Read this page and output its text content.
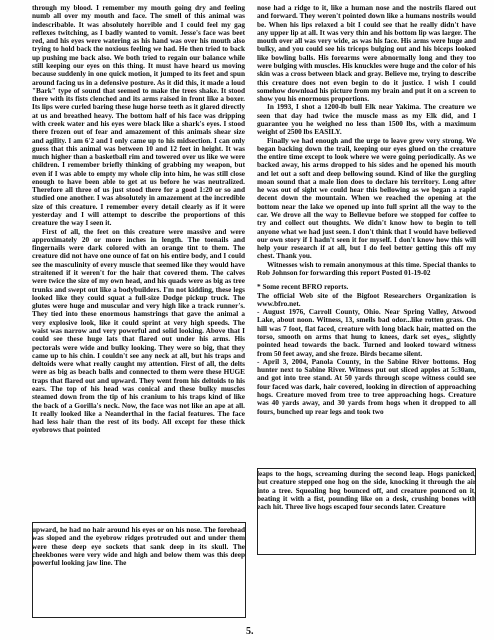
through my blood. I remember my mouth going dry and feeling numb all over my mouth and face. The smell of this animal was indescribable. It was absolutely horrible and I could feel my gag reflexes twitching, as I badly wanted to vomit. Jesse's face was beet red, and his eyes were watering as his hand was over his mouth also trying to hold back the noxious feeling we had. He then tried to back up pushing me back also. We both tried to regain our balance while still keeping our eyes on this thing. It must have heard us moving because suddenly in one quick motion, it jumped to its feet and spun around facing us in a defensive posture. As it did this, it made a loud "Bark" type of sound that seemed to make the trees shake. It stood there with its fists clenched and its arms raised in front like a boxer. Its lips were curled baring these huge horse teeth as it glared directly at us and breathed heavy. The bottom half of his face was dripping with creek water and his eyes were black like a shark's eyes. I stood there frozen out of fear and amazement of this animals shear size and agility. I am 6'2 and I only came up to his midsection. I can only guess that this animal was between 10 and 12 feet in height. It was much higher than a basketball rim and towered over us like we were children. I remember briefly thinking of grabbing my weapon, but even if I was able to empty my whole clip into him, he was still close enough to have been able to get at us before he was neutralized. Therefore all three of us just stood there for a good 1:20 or so and studied one another. I was absolutely in amazement at the incredible size of this creature. I remember every detail clearly as if it were yesterday and I will attempt to describe the proportions of this creature the way I seen it.

First of all, the feet on this creature were massive and were approximately 20 or more inches in length. The toenails and fingernails were dark colored with an orange tint to them. The creature did not have one ounce of fat on his entire body, and I could see the masculinity of every muscle that seemed like they would have straitened if it weren't for the hair that covered them. The calves were twice the size of my own head, and his quads were as big as tree trunks and swept out like a bodybuilders. I'm not kidding, these legs looked like they could squat a full-size Dodge pickup truck. The glutes were huge and muscular and very high like a track runner's. They tied into these enormous hamstrings that gave the animal a very explosive look, like it could sprint at very high speeds. The waist was narrow and very powerful and solid looking. Above that I could see these huge lats that flared out under his arms. His pectorals were wide and bulky looking. They were so big, that they came up to his chin. I couldn't see any neck at all, but his traps and deltoids were what really caught my attention. First of all, the delts were as big as beach balls and connected to them were these HUGE traps that flared out and upward. They went from his deltoids to his ears. The top of his head was conical and these bulky muscles steamed down from the tip of his cranium to his traps kind of like the back of a Gorilla's neck. Now, the face was not like an ape at all. It really looked like a Neanderthal in the facial features. The face had less hair than the rest of its body. All except for these thick eyebrows that pointed

upward, he had no hair around his eyes or on his nose. The forehead was sloped and the eyebrow ridges protruded out and under them were these deep eye sockets that sank deep in its skull. The cheekbones were very wide and high and below them was this deep powerful looking jaw line. The

nose had a ridge to it, like a human nose and the nostrils flared out and forward. They weren't pointed down like a humans nostrils would be. When his lips relaxed a bit I could see that he really didn't have any upper lip at all. It was very thin and his bottom lip was larger. The mouth over all was very wide, as was his face. His arms were huge and bulky, and you could see his triceps bulging out and his biceps looked like bowling balls. His forearms were abnormally long and they too were bulging with muscles. His knuckles were huge and the color of his skin was a cross between black and gray. Believe me, trying to describe this creature does not even begin to do it justice. I wish I could somehow download his picture from my brain and put it on a screen to show you his enormous proportions.

In 1993, I shot a 1200-lb bull Elk near Yakima. The creature we seen that day had twice the muscle mass as my Elk did, and I guarantee you he weighed no less than 1500 lbs, with a maximum weight of 2500 lbs EASILY.

Finally we had enough and the urge to leave grew very strong. We began backing down the trail, keeping our eyes glued on the creature the entire time except to look where we were going periodically. As we backed away, his arms dropped to his sides and he opened his mouth and let out a soft and deep bellowing sound. Kind of like the gurgling moan sound that a male lion does to declare his territory. Long after he was out of sight we could hear this bellowing as we began a rapid decent down the mountain. When we reached the opening at the bottom near the lake we opened up into full sprint all the way to the car. We drove all the way to Bellevue before we stopped for coffee to try and collect out thoughts. We didn't know how to begin to tell anyone what we had just seen. I don't think that I would have believed our own story if I hadn't seen it for myself. I don't know how this will help your research if at all, but I do feel better getting this off my chest. Thank you.

Witnesses wish to remain anonymous at this time. Special thanks to Rob Johnson for forwarding this report Posted 01-19-02

* Some recent BFRO reports.

The official Web site of the Bigfoot Researchers Organization is www.bfro.net.

- August 1976, Carroll County, Ohio. Near Spring Valley, Atwood Lake, about noon. Witness, 13, smells bad odor...like rotten grass. On hill was 7 foot, flat faced, creature with long black hair, matted on the torso, smooth on arms that hung to knees, dark set eyes,, slightly pointed head towards the back. Turned and looked toward witness from 50 feet away, and she froze. Birds became silent.

- April 3, 2004, Panola County, in the Sabine River bottoms. Hog hunter next to Sabine River. Witness put out sliced apples at 5:30am, and got into tree stand. At 50 yards through scope witness could see four faced was dark, hair covered, looking in direction of approaching hogs. Creature moved from tree to tree approaching hogs. Creature was 40 yards away, and 30 yards from hogs when it dropped to all fours, bunched up rear legs and took two

leaps to the hogs, screaming during the second leap. Hogs panicked, but creature stepped one hog on the side, knocking it through the air into a tree. Squealing hog bounced off, and creature pounced on it, beating it with a fist, pounding like on a desk, crushing bones with each hit. Three live hogs escaped four seconds later. Creature

5.
